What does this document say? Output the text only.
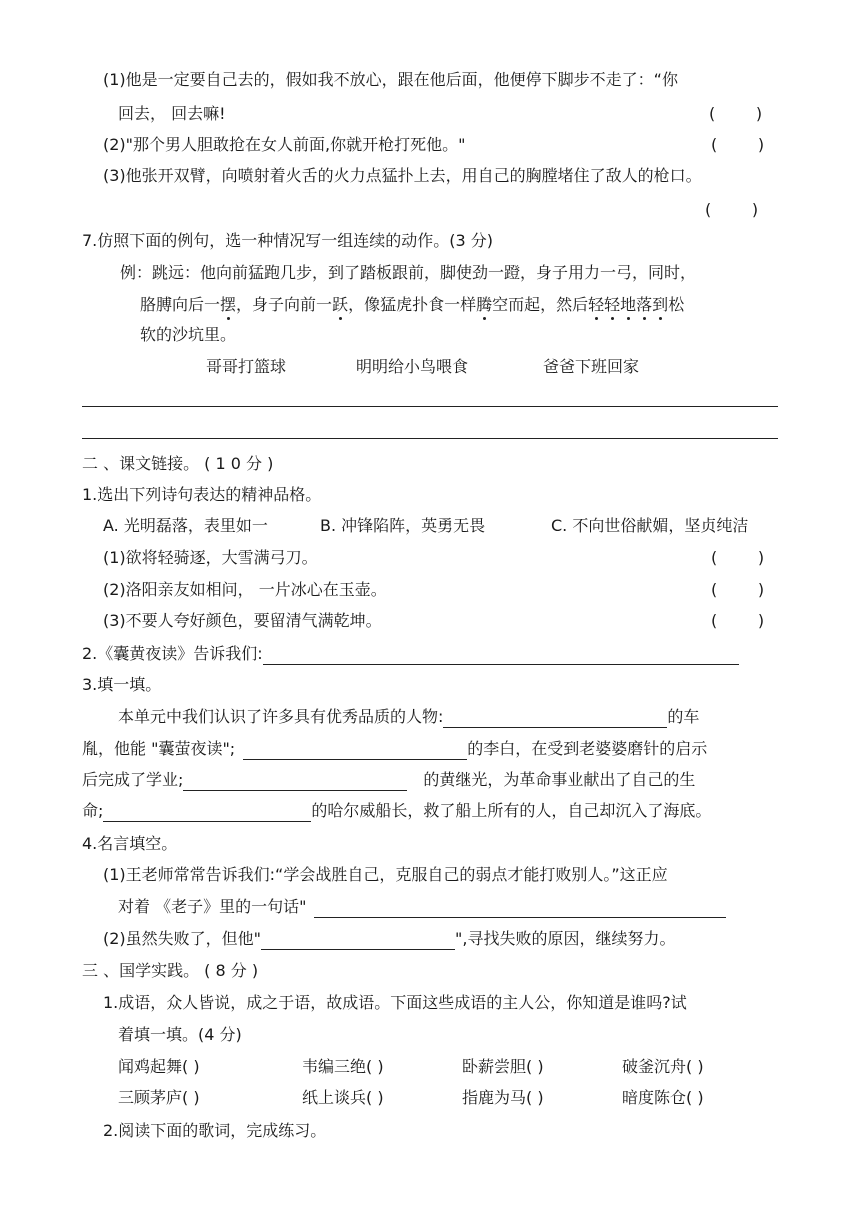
(1)他是一定要自己去的，假如我不放心，跟在他后面，他便停下脚步不走了：“你
回去， 回去嘛!	(        )
(2)"那个男人胆敢抢在女人前面,你就开枪打死他。"	(        )
(3)他张开双臂，向喷射着火舌的火力点猛扑上去，用自己的胸膛堵住了敌人的枪口。
(        )
7.仿照下面的例句，选一种情况写一组连续的动作。(3 分)
例：跳远：他向前猛跑几步，到了踏板跟前，脚使劲一蹬，身子用力一弓，同时，
胳膊向后一摆，身子向前一跃，像猛虎扑食一样腾空而起，然后轻轻地落到松
软的沙坑里。
哥哥打篮球	明明给小鸟喂食	爸爸下班回家
二 、课文链接。 ( 1 0 分 )
1.选出下列诗句表达的精神品格。
A. 光明磊落，表里如一	B. 冲锋陷阵，英勇无畏	C. 不向世俗献媚，坚贞纯洁
(1)欲将轻骑逐，大雪满弓刀。	(        )
(2)洛阳亲友如相问， 一片冰心在玉壶。	(        )
(3)不要人夸好颜色，要留清气满乾坤。	(        )
2.《囊黄夜读》告诉我们:
3.填一填。
本单元中我们认识了许多具有优秀品质的人物:	的车
胤，他能 "囊萤夜读";	的李白，在受到老婆婆磨针的启示
后完成了学业;	的黄继光，为革命事业献出了自己的生
命;	的哈尔威船长，救了船上所有的人，自己却沉入了海底。
4.名言填空。
(1)王老师常常告诉我们:“学会战胜自己，克服自己的弱点才能打败别人。”这正应
对着 《老子》里的一句话"
(2)虽然失败了，但他"	",寻找失败的原因，继续努力。
三 、国学实践。 ( 8 分 )
1.成语，众人皆说，成之于语，故成语。下面这些成语的主人公，你知道是谁吗?试
着填一填。(4 分)
闻鸡起舞( )	韦编三绝( )	卧薪尝胆( )	破釜沉舟( )
三顾茅庐( )	纸上谈兵( )	指鹿为马( )	暗度陈仓( )
2.阅读下面的歌词，完成练习。
